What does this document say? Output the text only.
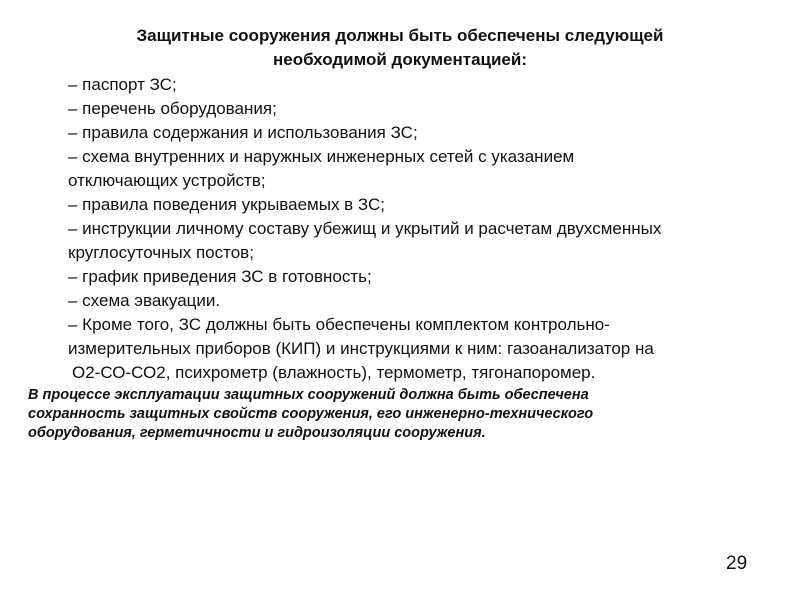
Защитные сооружения должны быть обеспечены следующей
необходимой документацией:
– паспорт ЗС;
– перечень оборудования;
– правила содержания и использования ЗС;
– схема внутренних и наружных инженерных сетей с указанием
отключающих устройств;
– правила поведения укрываемых в ЗС;
– инструкции личному составу убежищ и укрытий и расчетам двухсменных
круглосуточных постов;
– график приведения ЗС в готовность;
– схема эвакуации.
– Кроме того, ЗС должны быть обеспечены комплектом контрольно-
измерительных приборов (КИП) и инструкциями к ним: газоанализатор на
О2-СО-СО2, психрометр (влажность), термометр, тягонапоромер.
В процессе эксплуатации защитных сооружений должна быть обеспечена
сохранность защитных свойств сооружения, его инженерно-технического
оборудования, герметичности и гидроизоляции сооружения.
29
